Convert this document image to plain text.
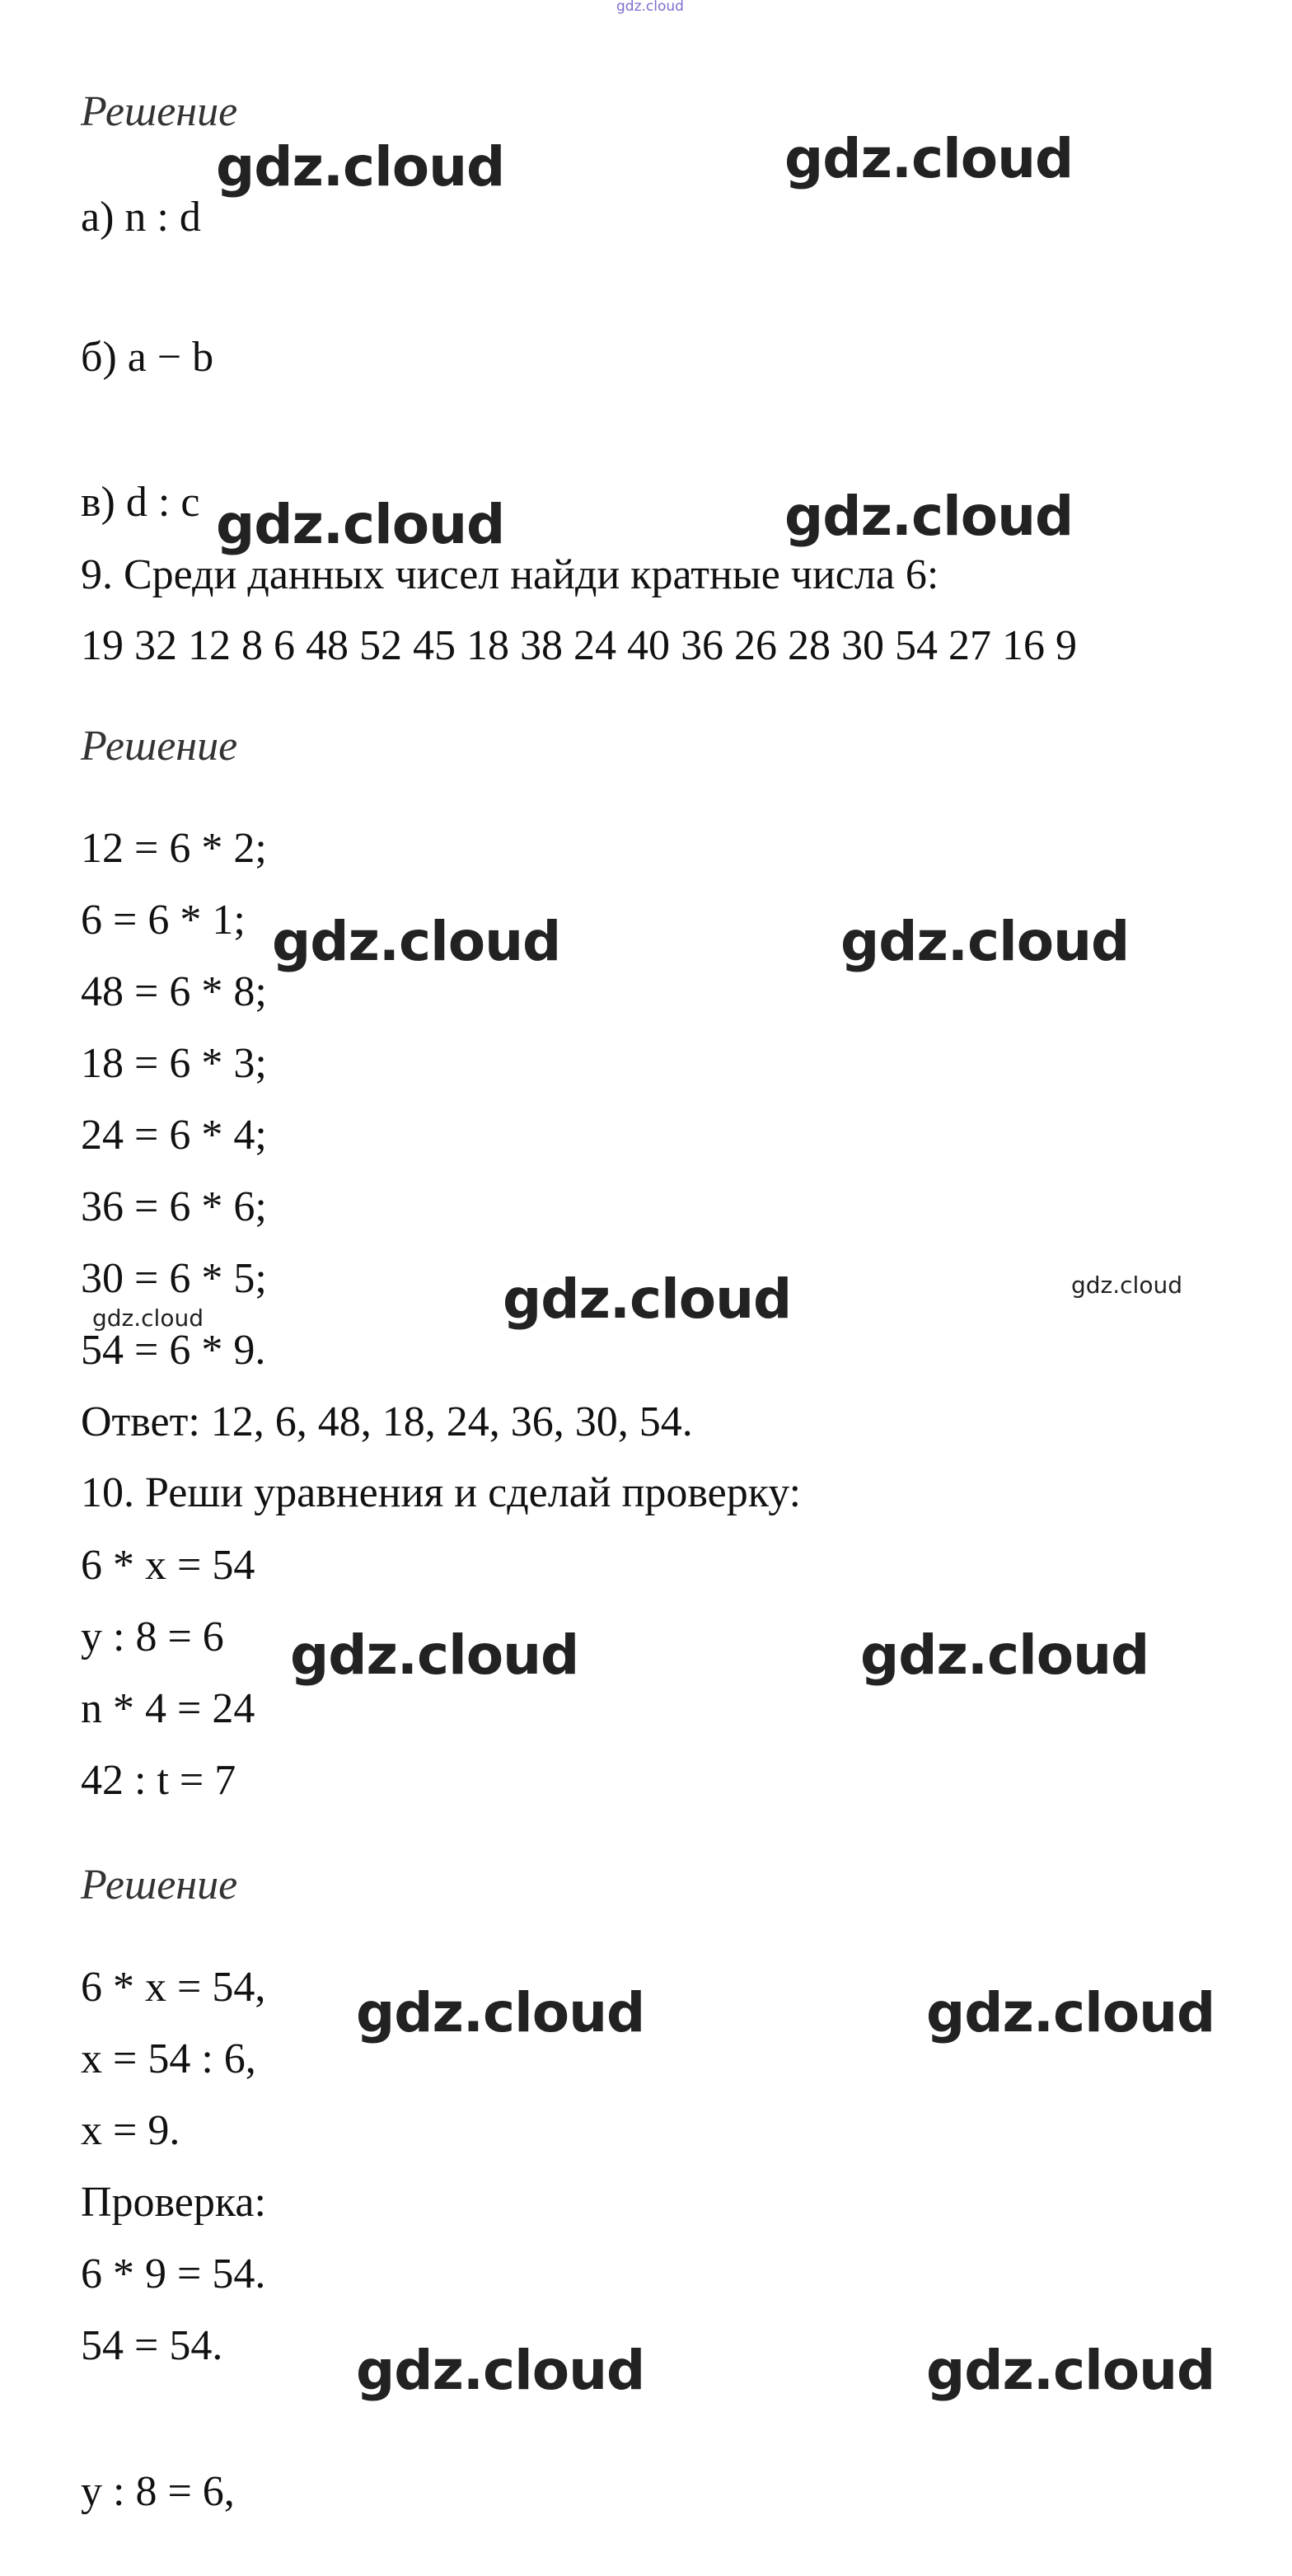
gdz.cloud

Решение

а) n : d

б) a − b

в) d : c

9. Среди данных чисел найди кратные числа 6:

19 32 12 8 6 48 52 45 18 38 24 40 36 26 28 30 54 27 16 9

Решение

12 = 6 * 2;

6 = 6 * 1;

48 = 6 * 8;

18 = 6 * 3;

24 = 6 * 4;

36 = 6 * 6;

30 = 6 * 5;

54 = 6 * 9.

Ответ: 12, 6, 48, 18, 24, 36, 30, 54.

10. Реши уравнения и сделай проверку:

6 * x = 54

y : 8 = 6

n * 4 = 24

42 : t = 7

Решение

6 * x = 54,

x = 54 : 6,

x = 9.

Проверка:

6 * 9 = 54.

54 = 54.

y : 8 = 6,

gdz.cloud	gdz.cloud

gdz.cloud	gdz.cloud

gdz.cloud	gdz.cloud

gdz.cloud	gdz.cloud

gdz.cloud

gdz.cloud	gdz.cloud

gdz.cloud	gdz.cloud

gdz.cloud	gdz.cloud
